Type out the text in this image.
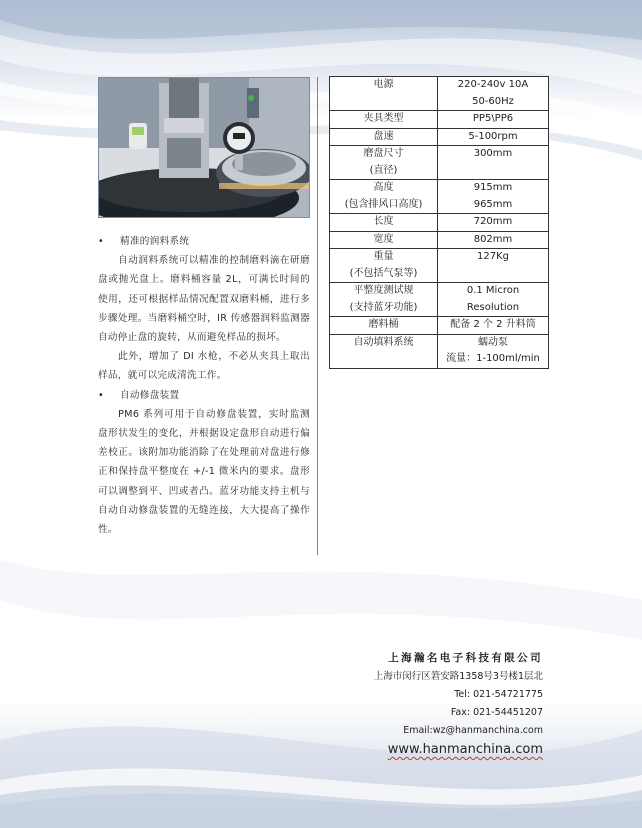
•	精准的润料系统

自动润料系统可以精准的控制磨料滴在研磨盘或抛光盘上。磨料桶容量 2L，可满长时间的使用，还可根据样品情况配置双磨料桶，进行多步骤处理。当磨料桶空时，IR 传感器润料监测器自动停止盘的旋转，从而避免样品的损坏。

此外，增加了 DI 水枪，不必从夹具上取出样品，就可以完成清洗工作。

•	自动修盘装置

PM6 系列可用于自动修盘装置，实时监测盘形状发生的变化，并根据设定盘形自动进行偏差校正。该附加功能消除了在处理前对盘进行修正和保持盘平整度在 +/-1 微米内的要求。盘形可以调整到平、凹或者凸。蓝牙功能支持主机与自动自动修盘装置的无缝连接，大大提高了操作性。

电源	220-240v 10A
50-60Hz

夹具类型	PP5\PP6

盘速	5-100rpm

磨盘尺寸
(直径)	300mm

高度
(包含排风口高度)	915mm
965mm

长度	720mm

宽度	802mm

重量
(不包括气泵等)	127Kg

平整度测试规
(支持蓝牙功能)	0.1 Micron
Resolution

磨料桶	配备 2 个 2 升料筒

自动填料系统	蠕动泵
流量：1-100ml/min
上海瀚名电子科技有限公司
上海市闵行区䇹安路1358号3号楼1层北
Tel: 021-54721775
Fax: 021-54451207
Email:wz@hanmanchina.com
www.hanmanchina.com
